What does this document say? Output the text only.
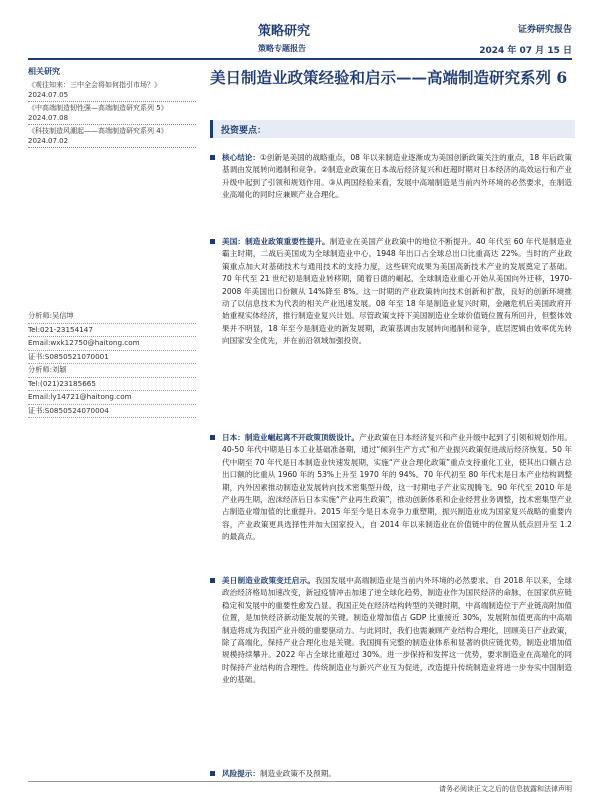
策略研究
策略专题报告
证券研究报告
2024 年 07 月 15 日
相关研究
《观往知来：三中全会将如何指引市场？》2024.07.05
《中高端制造韧性强—高端制造研究系列 5》2024.07.08
《科技制造风潮起——高端制造研究系列 4》2024.07.02
分析师:吴信坤
Tel:021-23154147
Email:wxk12750@haitong.com
证书:S0850521070001
分析师:刘颖
Tel:(021)23185665
Email:ly14721@haitong.com
证书:S0850524070004
美日制造业政策经验和启示——高端制造研究系列 6
投资要点：
核心结论：①创新是美国的战略重点，08 年以来制造业逐渐成为美国创新政策关注的重点，18 年后政策基调由发展转向遏制和竞争。②制造业政策在日本战后经济复兴和赶超时期对日本经济的高效运行和产业升级中起到了引领和规划作用。③从两国经验来看，发展中高端制造是当前内外环境的必然要求，在制造业高端化的同时应兼顾产业合理化。
美国：制造业政策重要性提升。制造业在美国产业政策中的地位不断提升。40 年代至 60 年代是制造业霸主时期，二战后美国成为全球制造业中心，1948 年出口占全球总出口比重高达 22%。当时的产业政策重点加大对基础技术与通用技术的支持力度，这些研究成果为美国高新技术产业的发展奠定了基础。70 年代至 21 世纪初是制造业转移期，随着日德的崛起，全球制造业重心开始从美国向外迁移，1970-2008 年美国出口份额从 14%降至 8%。这一时期的产业政策转向技术创新和扩散，良好的创新环境推动了以信息技术为代表的相关产业迅速发展。08 年至 18 年是制造业复兴时期，金融危机后美国政府开始重视实体经济，推行制造业复兴计划。尽管政策支持下美国制造业全球价值链位置有所回升，但整体效果并不明显，18 年至今是制造业的新发展期，政策基调由发展转向遏制和竞争，底层逻辑由效率优先转向国家安全优先，并在前沿领域加强投资。
日本：制造业崛起离不开政策顶级设计。产业政策在日本经济复兴和产业升级中起到了引领和规划作用。40-50 年代中期是日本工业基础准备期，通过“倾斜生产方式”和产业振兴政策促进战后经济恢复。50 年代中期至 70 年代是日本制造业快速发展期，实施“产业合理化政策”重点支持重化工业，使其出口额占总出口额的比重从 1960 年的 53%上升至 1970 年的 94%。70 年代初至 80 年代末是日本产业结构调整期，内外因素推动制造业发展转向技术密集型升级，这一时期电子产业实现腾飞。90 年代至 2010 年是产业再生期，泡沫经济后日本实施“产业再生政策”，推动创新体系和企业经营业务调整，技术密集型产业占制造业增加值的比重提升。2015 年至今是日本竞争力重塑期，振兴制造业成为国家复兴战略的重要内容，产业政策更具选择性并加大国家投入，自 2014 年以来制造业在价值链中的位置从低点回升至 1.2 的最高点。
美日制造业政策变迁启示。我国发展中高端制造业是当前内外环境的必然要求。自 2018 年以来，全球政治经济格局加速改变，新冠疫情冲击加速了逆全球化趋势，制造业作为国民经济的命脉，在国家供应链稳定和发展中的重要性愈发凸显。我国正处在经济结构转型的关键时期，中高端制造位于产业链高附加值位置，是加快经济新动能发展的关键。制造业增加值占 GDP 比重接近 30%，发展附加值更高的中高端制造将成为我国产业升级的重要驱动力。与此同时，我们也需兼顾产业结构合理化，回顾美日产业政策，除了高端化，保持产业合理化也是关键。我国拥有完整的制造业体系和显著的供应链优势，制造业增加值规模持续攀升。2022 年占全球比重超过 30%。进一步保持和发挥这一优势，要求制造业在高端化的同时保持产业结构的合理性。传统制造业与新兴产业互为促进，改造提升传统制造业将进一步夯实中国制造业的基础。
风险提示：制造业政策不及预期。
请务必阅读正文之后的信息披露和法律声明
